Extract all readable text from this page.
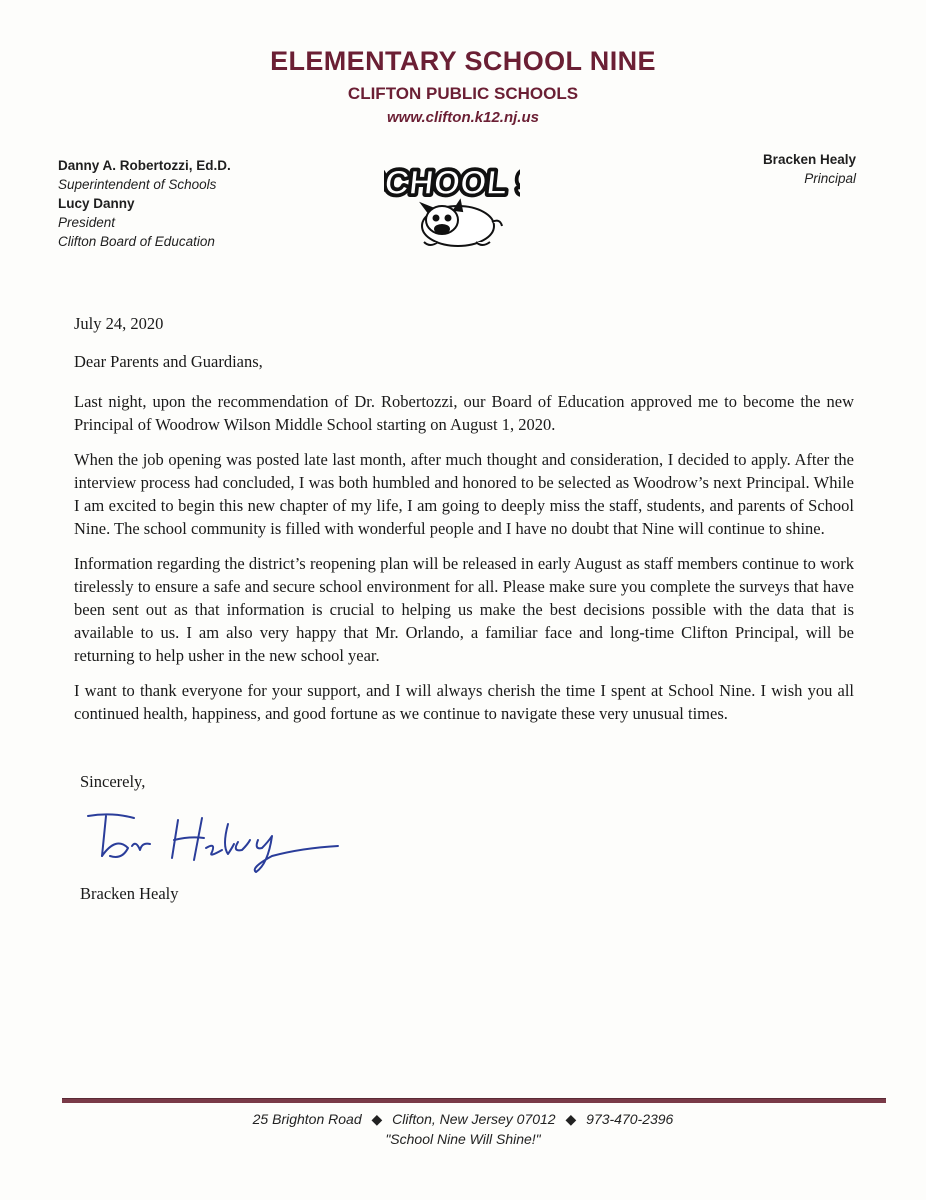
ELEMENTARY SCHOOL NINE
CLIFTON PUBLIC SCHOOLS
www.clifton.k12.nj.us
Danny A. Robertozzi, Ed.D.
Superintendent of Schools
Lucy Danny
President
Clifton Board of Education
SCHOOL 9
SCHOOL 9
Bracken Healy
Principal

July 24, 2020

Dear Parents and Guardians,

Last night, upon the recommendation of Dr. Robertozzi, our Board of Education approved me to become the new Principal of Woodrow Wilson Middle School starting on August 1, 2020.

When the job opening was posted late last month, after much thought and consideration, I decided to apply. After the interview process had concluded, I was both humbled and honored to be selected as Woodrow’s next Principal. While I am excited to begin this new chapter of my life, I am going to deeply miss the staff, students, and parents of School Nine. The school community is filled with wonderful people and I have no doubt that Nine will continue to shine.

Information regarding the district’s reopening plan will be released in early August as staff members continue to work tirelessly to ensure a safe and secure school environment for all. Please make sure you complete the surveys that have been sent out as that information is crucial to helping us make the best decisions possible with the data that is available to us. I am also very happy that Mr. Orlando, a familiar face and long-time Clifton Principal, will be returning to help usher in the new school year.

I want to thank everyone for your support, and I will always cherish the time I spent at School Nine. I wish you all continued health, happiness, and good fortune as we continue to navigate these very unusual times.

Sincerely,
Bracken Healy
25 Brighton Road ◆ Clifton, New Jersey 07012 ◆ 973-470-2396
"School Nine Will Shine!"
